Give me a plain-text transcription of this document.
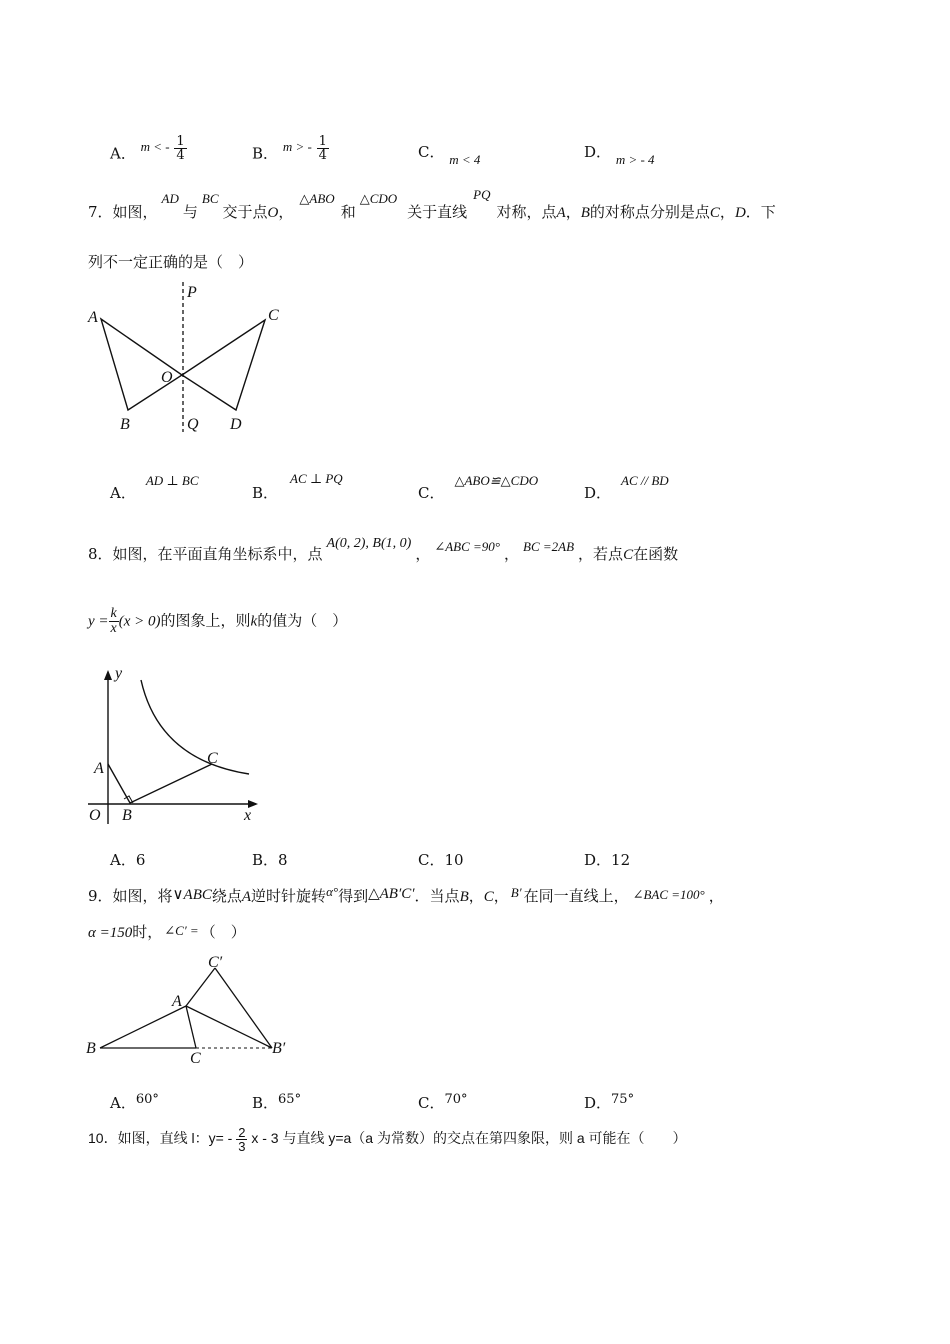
A． m < - $\frac{1}{4}$	B． m > - $\frac{1}{4}$	C． m < 4	D． m > - 4
7．如图，AD与BC交于点O，△ABO和△CDO关于直线PQ对称，点A，B的对称点分别是点C，D．下
列不一定正确的是（　）
P
A	C
O
B	Q D
A．AD ⊥ BC
B．AC ⊥ PQ
C．△ABO≌△CDO
D．AC // BD
8．如图，在平面直角坐标系中，点A(0, 2), B(1, 0)， ∠ABC =90° ， BC =2AB ，若点C在函数
$y = \frac{k}{x} (x > 0)$的图象上，则k的值为（　）
y
x
A
C
O B
A．6	B．8	C．10	D．12
9．如图，将∨ABC绕点A逆时针旋转α°得到△AB′C′．当点B，C， B′ 在同一直线上， ∠BAC =100° ，
α =150时， ∠C′ = （　）
C′
A
B
C
B′
A．60°	B．65°	C．70°	D．75°
10．如图，直线 l：$y= - \frac{2}{3}$ x - 3 与直线 y=a（a 为常数）的交点在第四象限，则 a 可能在（　　）
